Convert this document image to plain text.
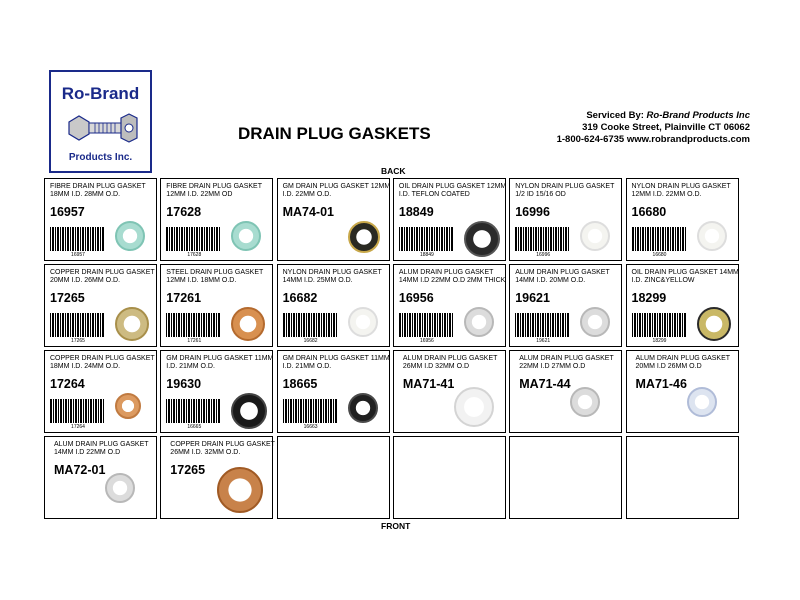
Ro-Brand
Products Inc.
DRAIN PLUG GASKETS
Serviced By: Ro-Brand Products Inc
319 Cooke Street, Plainville CT 06062
1-800-624-6735 www.robrandproducts.com
BACK
FIBRE DRAIN PLUG GASKET 18MM I.D. 28MM O.D.
16957
16957
FIBRE DRAIN PLUG GASKET 12MM I.D. 22MM OD
17628
17628
GM DRAIN PLUG GASKET 12MM I.D. 22MM O.D.
MA74-01
OIL DRAIN PLUG GASKET 12MM I.D. TEFLON COATED
18849
18849
NYLON DRAIN PLUG GASKET 1/2 ID 15/16 OD
16996
16996
NYLON DRAIN PLUG GASKET 12MM I.D. 22MM O.D.
16680
16680
COPPER DRAIN PLUG GASKET 20MM I.D. 26MM O.D.
17265
17265
STEEL DRAIN PLUG GASKET 12MM I.D. 18MM O.D.
17261
17261
NYLON DRAIN PLUG GASKET 14MM I.D. 25MM O.D.
16682
16682
ALUM DRAIN PLUG GASKET 14MM I.D 22MM O.D 2MM THICK
16956
16956
ALUM DRAIN PLUG GASKET 14MM I.D. 20MM O.D.
19621
19621
OIL DRAIN PLUG GASKET 14MM I.D. ZINC&YELLOW
18299
18299
COPPER DRAIN PLUG GASKET 18MM I.D. 24MM O.D.
17264
17264
GM DRAIN PLUG GASKET 11MM I.D. 21MM O.D.
19630
16665
GM DRAIN PLUG GASKET 11MM I.D. 21MM O.D.
18665
16663
ALUM DRAIN PLUG GASKET 26MM I.D 32MM O.D
MA71-41
ALUM DRAIN PLUG GASKET 22MM I.D 27MM O.D
MA71-44
ALUM DRAIN PLUG GASKET 20MM I.D 26MM O.D
MA71-46
ALUM DRAIN PLUG GASKET 14MM I.D 22MM O.D
MA72-01
COPPER DRAIN PLUG GASKET 26MM I.D. 32MM O.D.
17265
FRONT
